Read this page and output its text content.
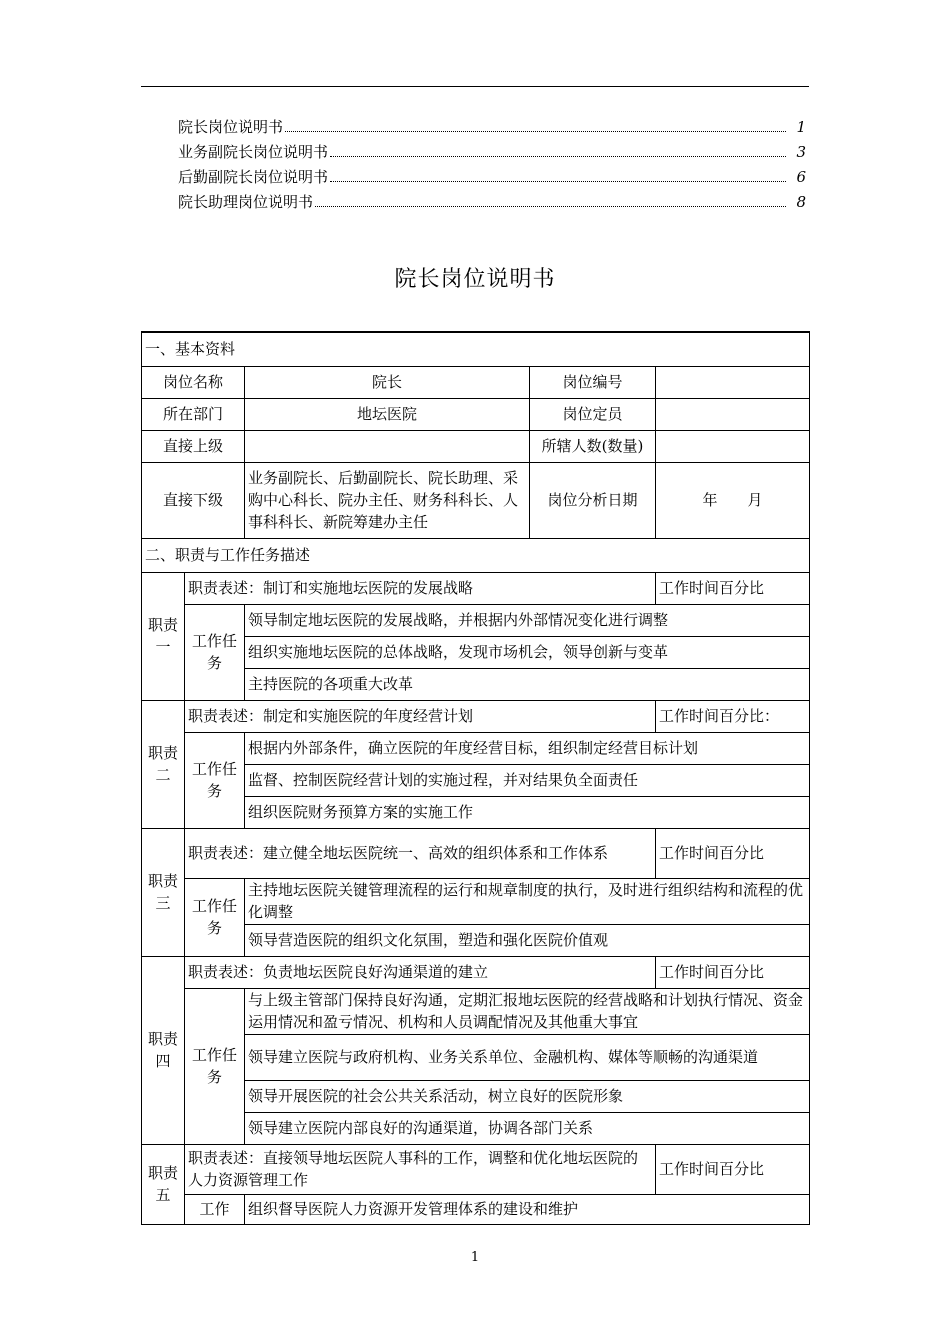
院长岗位说明书	1
业务副院长岗位说明书	3
后勤副院长岗位说明书	6
院长助理岗位说明书	8
院长岗位说明书
一、基本资料				
岗位名称		院长	岗位编号	
所在部门		地坛医院	岗位定员	
直接上级			所辖人数(数量)	
直接下级		业务副院长、后勤副院长、院长助理、采购中心科长、院办主任、财务科科长、人事科科长、新院筹建办主任	岗位分析日期	年　　月
二、职责与工作任务描述				
职责一	职责表述：制订和实施地坛医院的发展战略			工作时间百分比
	工作任务	领导制定地坛医院的发展战略，并根据内外部情况变化进行调整		
		组织实施地坛医院的总体战略，发现市场机会，领导创新与变革		
		主持医院的各项重大改革		
职责二	职责表述：制定和实施医院的年度经营计划			工作时间百分比：
	工作任务	根据内外部条件，确立医院的年度经营目标，组织制定经营目标计划		
		监督、控制医院经营计划的实施过程，并对结果负全面责任		
		组织医院财务预算方案的实施工作		
职责三	职责表述：建立健全地坛医院统一、高效的组织体系和工作体系			工作时间百分比
	工作任务	主持地坛医院关键管理流程的运行和规章制度的执行，及时进行组织结构和流程的优化调整		
		领导营造医院的组织文化氛围，塑造和强化医院价值观		
职责四	职责表述：负责地坛医院良好沟通渠道的建立			工作时间百分比
	工作任务	与上级主管部门保持良好沟通，定期汇报地坛医院的经营战略和计划执行情况、资金运用情况和盈亏情况、机构和人员调配情况及其他重大事宜		
		领导建立医院与政府机构、业务关系单位、金融机构、媒体等顺畅的沟通渠道		
		领导开展医院的社会公共关系活动，树立良好的医院形象		
		领导建立医院内部良好的沟通渠道，协调各部门关系		
职责五	职责表述：直接领导地坛医院人事科的工作，调整和优化地坛医院的人力资源管理工作			工作时间百分比
	工作	组织督导医院人力资源开发管理体系的建设和维护		
1
